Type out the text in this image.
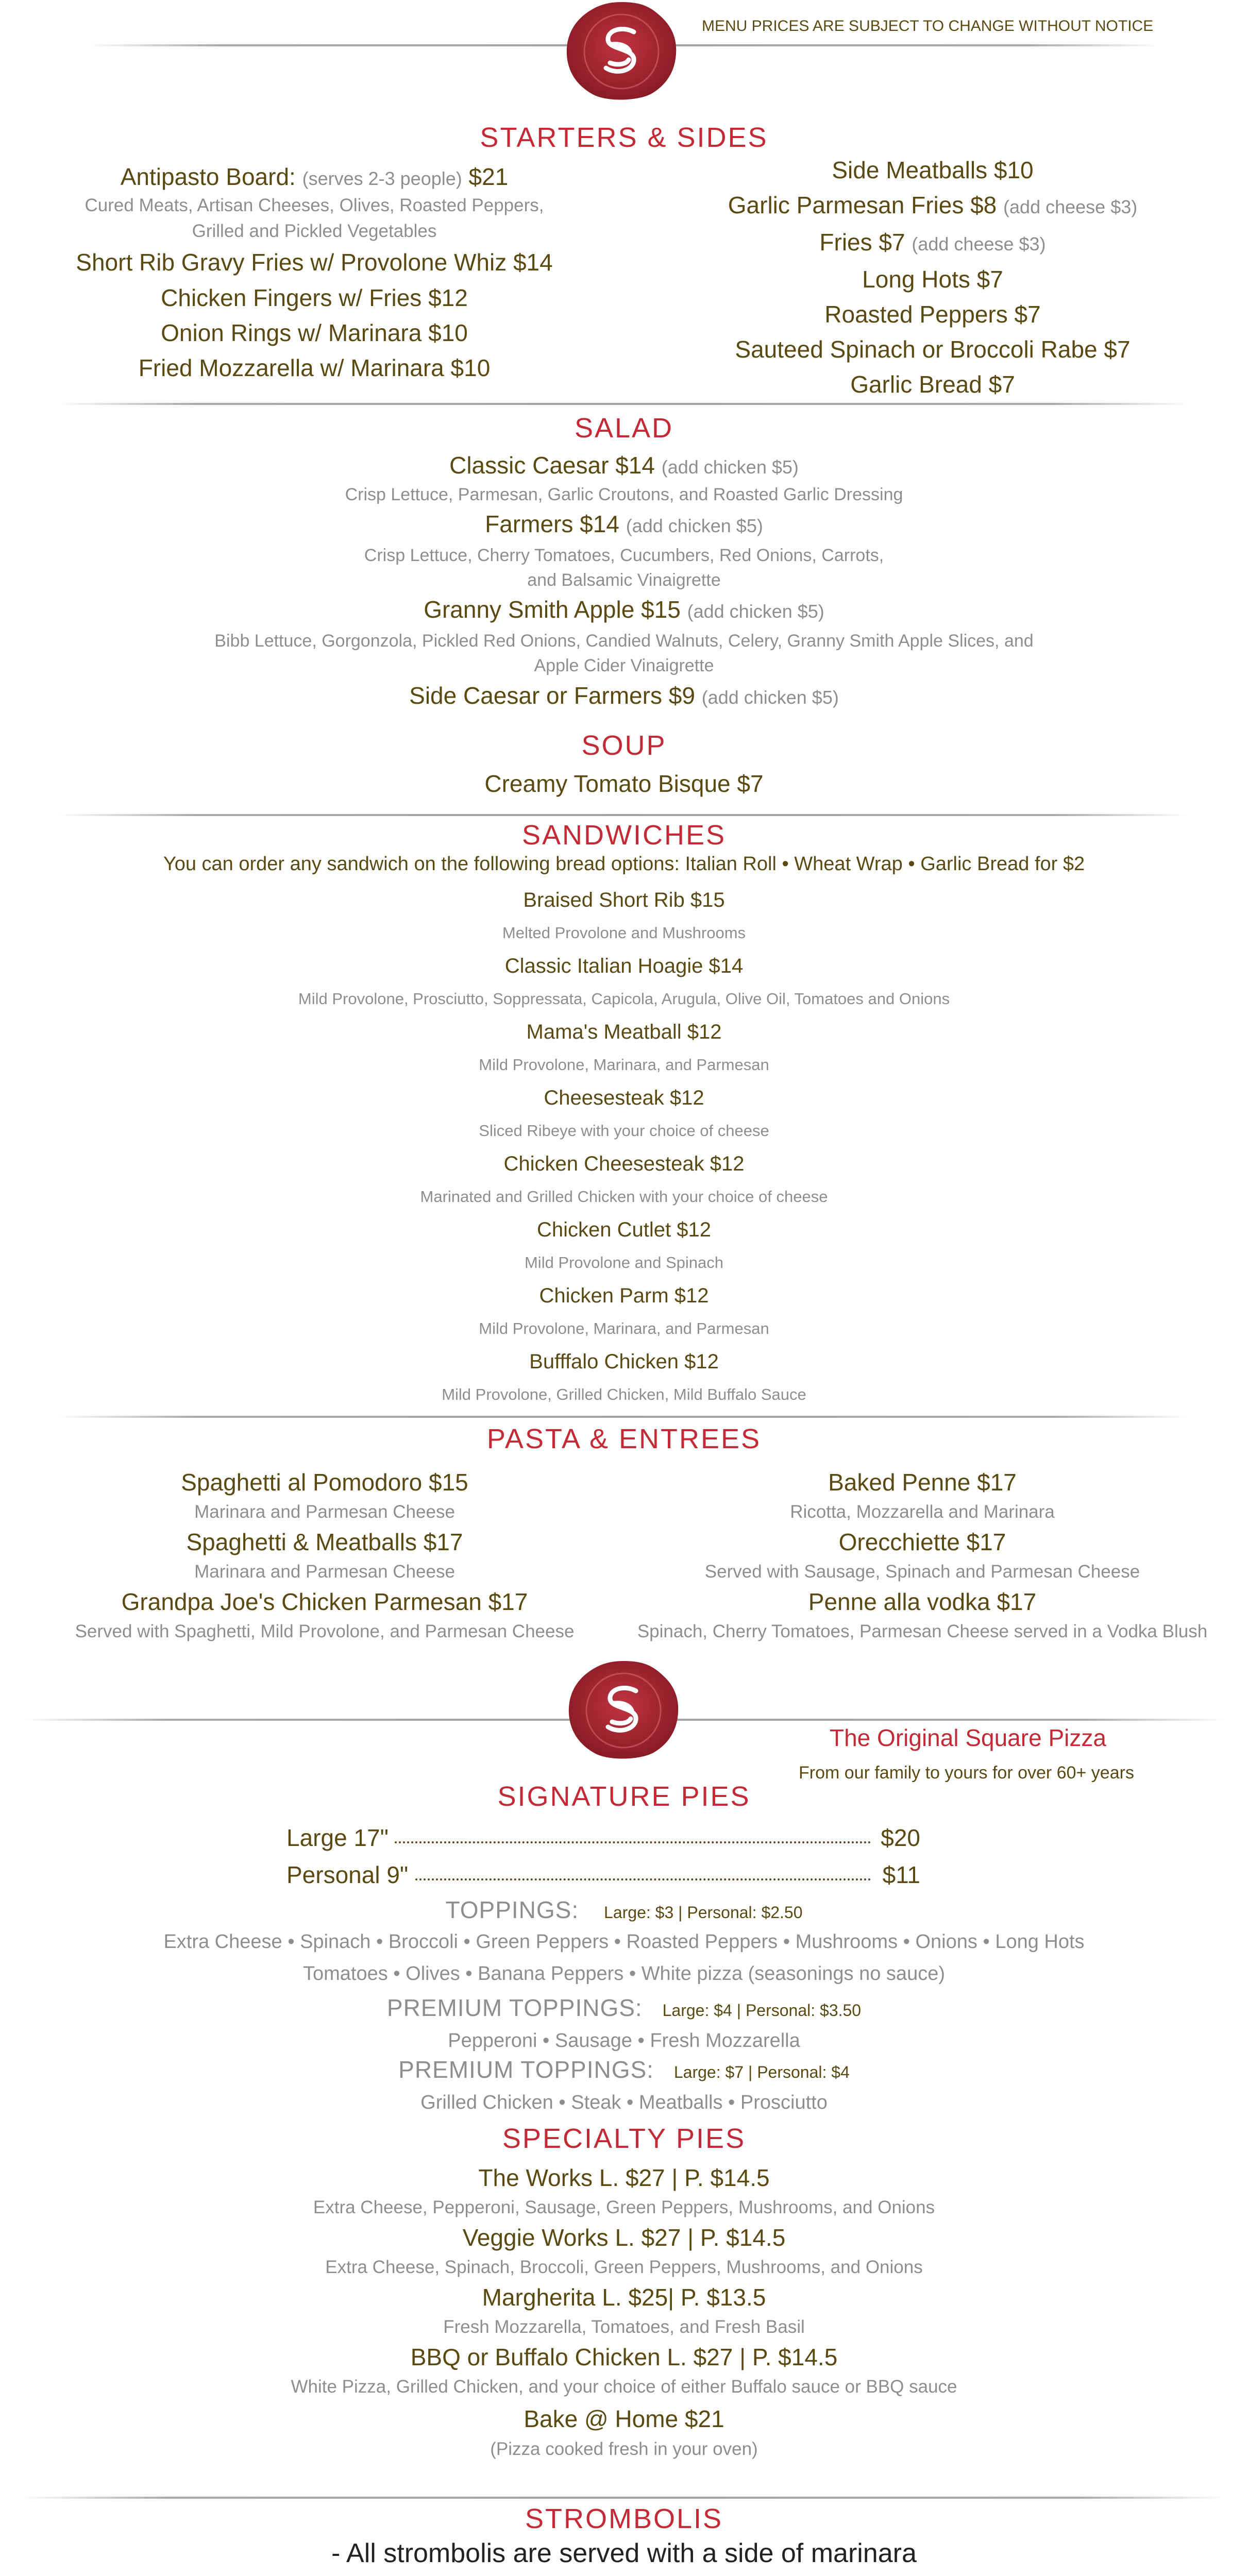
MENU PRICES ARE SUBJECT TO CHANGE WITHOUT NOTICE
STARTERS & SIDES
Antipasto Board: (serves 2-3 people) $21
Cured Meats, Artisan Cheeses, Olives, Roasted Peppers,
Grilled and Pickled Vegetables
Short Rib Gravy Fries w/ Provolone Whiz $14
Chicken Fingers w/ Fries $12
Onion Rings w/ Marinara $10
Fried Mozzarella w/ Marinara $10
Side Meatballs $10
Garlic Parmesan Fries $8 (add cheese $3)
Fries $7 (add cheese $3)
Long Hots $7
Roasted Peppers $7
Sauteed Spinach or Broccoli Rabe $7
Garlic Bread $7
SALAD
Classic Caesar $14 (add chicken $5)
Crisp Lettuce, Parmesan, Garlic Croutons, and Roasted Garlic Dressing
Farmers $14 (add chicken $5)
Crisp Lettuce, Cherry Tomatoes, Cucumbers, Red Onions, Carrots,
and Balsamic Vinaigrette
Granny Smith Apple $15 (add chicken $5)
Bibb Lettuce, Gorgonzola, Pickled Red Onions, Candied Walnuts, Celery, Granny Smith Apple Slices, and
Apple Cider Vinaigrette
Side Caesar or Farmers $9 (add chicken $5)
SOUP
Creamy Tomato Bisque $7
SANDWICHES
You can order any sandwich on the following bread options: Italian Roll • Wheat Wrap • Garlic Bread for $2
Braised Short Rib $15
Melted Provolone and Mushrooms
Classic Italian Hoagie $14
Mild Provolone, Prosciutto, Soppressata, Capicola, Arugula, Olive Oil, Tomatoes and Onions
Mama's Meatball $12
Mild Provolone, Marinara, and Parmesan
Cheesesteak $12
Sliced Ribeye with your choice of cheese
Chicken Cheesesteak $12
Marinated and Grilled Chicken with your choice of cheese
Chicken Cutlet $12
Mild Provolone and Spinach
Chicken Parm $12
Mild Provolone, Marinara, and Parmesan
Bufffalo Chicken $12
Mild Provolone, Grilled Chicken, Mild Buffalo Sauce
PASTA & ENTREES
Spaghetti al Pomodoro $15
Marinara and Parmesan Cheese
Spaghetti & Meatballs $17
Marinara and Parmesan Cheese
Grandpa Joe's Chicken Parmesan $17
Served with Spaghetti, Mild Provolone, and Parmesan Cheese
Baked Penne $17
Ricotta, Mozzarella and Marinara
Orecchiette $17
Served with Sausage, Spinach and Parmesan Cheese
Penne alla vodka $17
Spinach, Cherry Tomatoes, Parmesan Cheese served in a Vodka Blush
The Original Square Pizza
From our family to yours for over 60+ years
SIGNATURE PIES
Large 17"	$20
Personal 9"	$11
TOPPINGS: Large: $3 | Personal: $2.50
Extra Cheese • Spinach • Broccoli • Green Peppers • Roasted Peppers • Mushrooms • Onions • Long Hots
Tomatoes • Olives • Banana Peppers • White pizza (seasonings no sauce)
PREMIUM TOPPINGS: Large: $4 | Personal: $3.50
Pepperoni • Sausage • Fresh Mozzarella
PREMIUM TOPPINGS: Large: $7 | Personal: $4
Grilled Chicken • Steak • Meatballs • Prosciutto
SPECIALTY PIES
The Works L. $27 | P. $14.5
Extra Cheese, Pepperoni, Sausage, Green Peppers, Mushrooms, and Onions
Veggie Works L. $27 | P. $14.5
Extra Cheese, Spinach, Broccoli, Green Peppers, Mushrooms, and Onions
Margherita L. $25| P. $13.5
Fresh Mozzarella, Tomatoes, and Fresh Basil
BBQ or Buffalo Chicken L. $27 | P. $14.5
White Pizza, Grilled Chicken, and your choice of either Buffalo sauce or BBQ sauce
Bake @ Home $21
(Pizza cooked fresh in your oven)
STROMBOLIS
- All strombolis are served with a side of marinara
